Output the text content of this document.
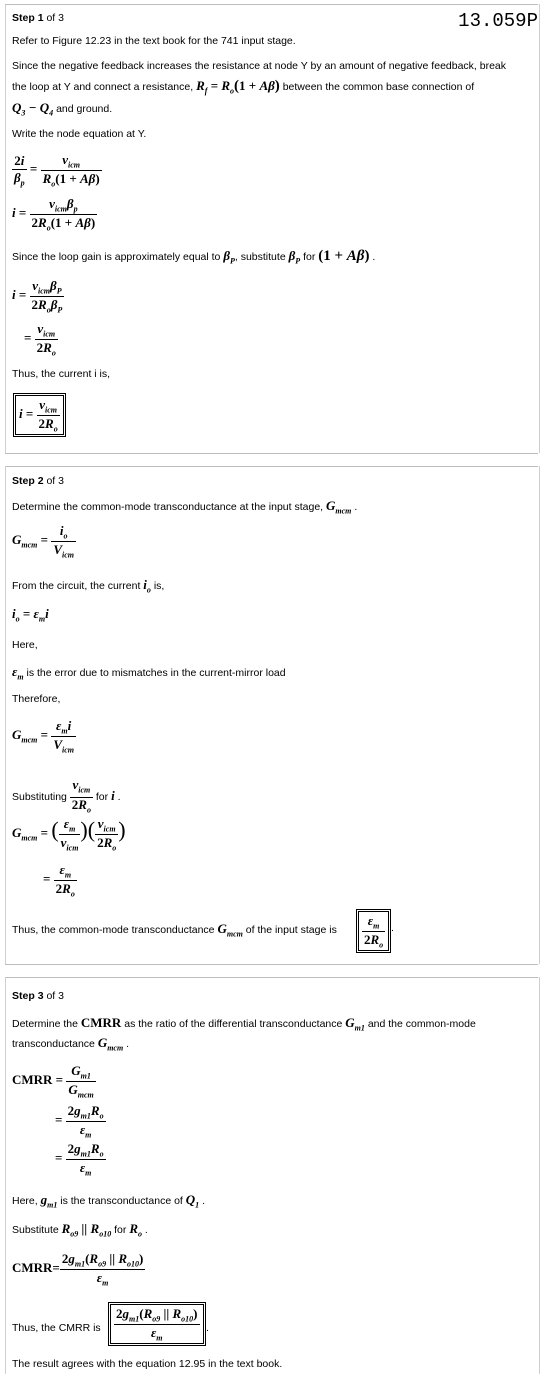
13.059P
Step 1 of 3
Refer to Figure 12.23 in the text book for the 741 input stage.
Since the negative feedback increases the resistance at node Y by an amount of negative feedback, break
the loop at Y and connect a resistance, $R_f = R_o(1 + A\beta)$ between the common base connection of
$Q_3 - Q_4$ and ground.
Write the node equation at Y.
$\frac{2i}{\beta_p} = \frac{v_{icm}}{R_o(1 + A\beta)}$
$i = \frac{v_{icm}\beta_p}{2R_o(1 + A\beta)}$
Since the loop gain is approximately equal to $\beta_P$, substitute $\beta_P$ for (1 + Aβ) .
$i = \frac{v_{icm}\beta_P}{2R_o\beta_P}$
= $\frac{v_{icm}}{2R_o}$
Thus, the current i is,
$i = \frac{v_{icm}}{2R_o}$ .
Step 2 of 3
Determine the common-mode transconductance at the input stage, $G_{mcm}$ .
$G_{mcm} = \frac{i_o}{V_{icm}}$
From the circuit, the current $i_o$ is,
$i_o = \varepsilon_mi$
Here,
$\varepsilon_m$ is the error due to mismatches in the current-mirror load
Therefore,
$G_{mcm} = \frac{\varepsilon_mi}{V_{icm}}$
Substituting $\frac{v_{icm}}{2R_o}$ for i .
$G_{mcm}$ = ( $\frac{\varepsilon_m}{v_{icm}}$ )( $\frac{v_{icm}}{2R_o}$ )
= $\frac{\varepsilon_m}{2R_o}$
Thus, the common-mode transconductance $G_{mcm}$ of the input stage is $\frac{\varepsilon_m}{2R_o}$ .
Step 3 of 3
Determine the CMRR as the ratio of the differential transconductance $G_{m1}$ and the common-mode
transconductance $G_{mcm}$ .
CMRR = $\frac{G_{m1}}{G_{mcm}}$
= $\frac{2g_{m1}R_o}{\varepsilon_m}$
= $\frac{2g_{m1}R_o}{\varepsilon_m}$
Here, $g_{m1}$ is the transconductance of $Q_1$ .
Substitute $R_{o9}$ || $R_{o10}$ for $R_o$ .
CMRR= $\frac{2g_{m1}(R_{o9} || R_{o10})}{\varepsilon_m}$
Thus, the CMRR is $\frac{2g_{m1}(R_{o9} || R_{o10})}{\varepsilon_m}$ .
The result agrees with the equation 12.95 in the text book.
